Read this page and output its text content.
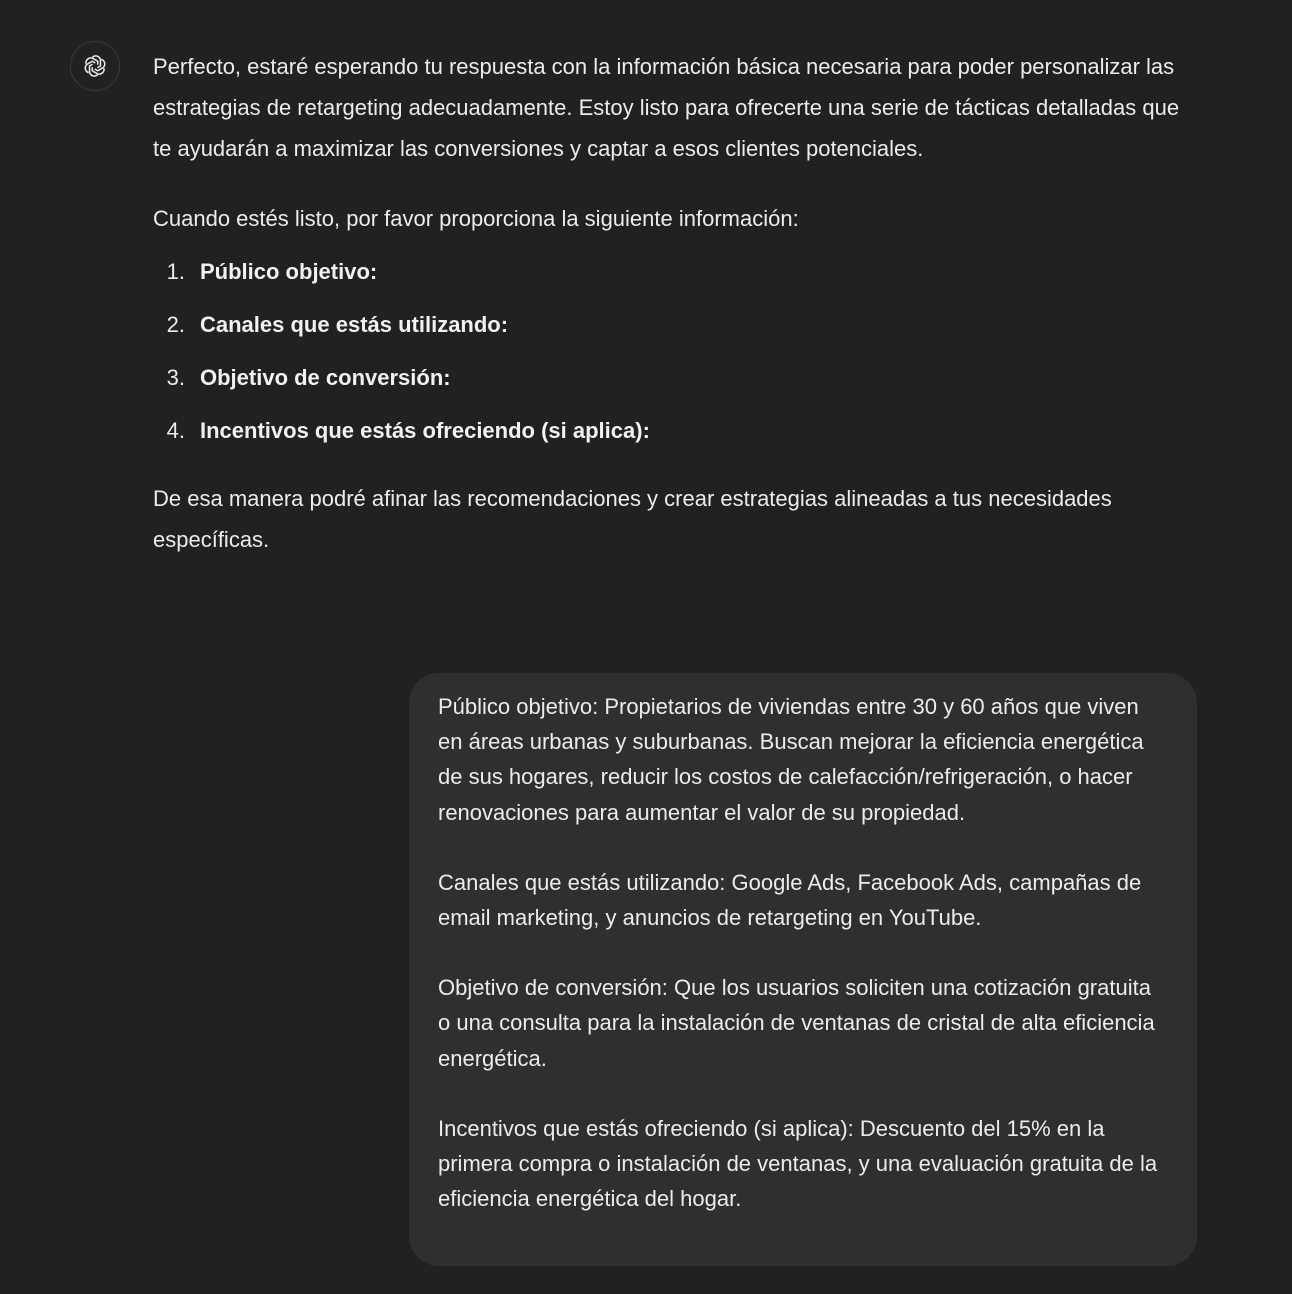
Perfecto, estaré esperando tu respuesta con la información básica necesaria para poder personalizar las estrategias de retargeting adecuadamente. Estoy listo para ofrecerte una serie de tácticas detalladas que te ayudarán a maximizar las conversiones y captar a esos clientes potenciales.

Cuando estés listo, por favor proporciona la siguiente información:

1. Público objetivo:
2. Canales que estás utilizando:
3. Objetivo de conversión:
4. Incentivos que estás ofreciendo (si aplica):

De esa manera podré afinar las recomendaciones y crear estrategias alineadas a tus necesidades específicas.

Público objetivo: Propietarios de viviendas entre 30 y 60 años que viven en áreas urbanas y suburbanas. Buscan mejorar la eficiencia energética de sus hogares, reducir los costos de calefacción/refrigeración, o hacer renovaciones para aumentar el valor de su propiedad.

Canales que estás utilizando: Google Ads, Facebook Ads, campañas de email marketing, y anuncios de retargeting en YouTube.

Objetivo de conversión: Que los usuarios soliciten una cotización gratuita o una consulta para la instalación de ventanas de cristal de alta eficiencia energética.

Incentivos que estás ofreciendo (si aplica): Descuento del 15% en la primera compra o instalación de ventanas, y una evaluación gratuita de la eficiencia energética del hogar.
